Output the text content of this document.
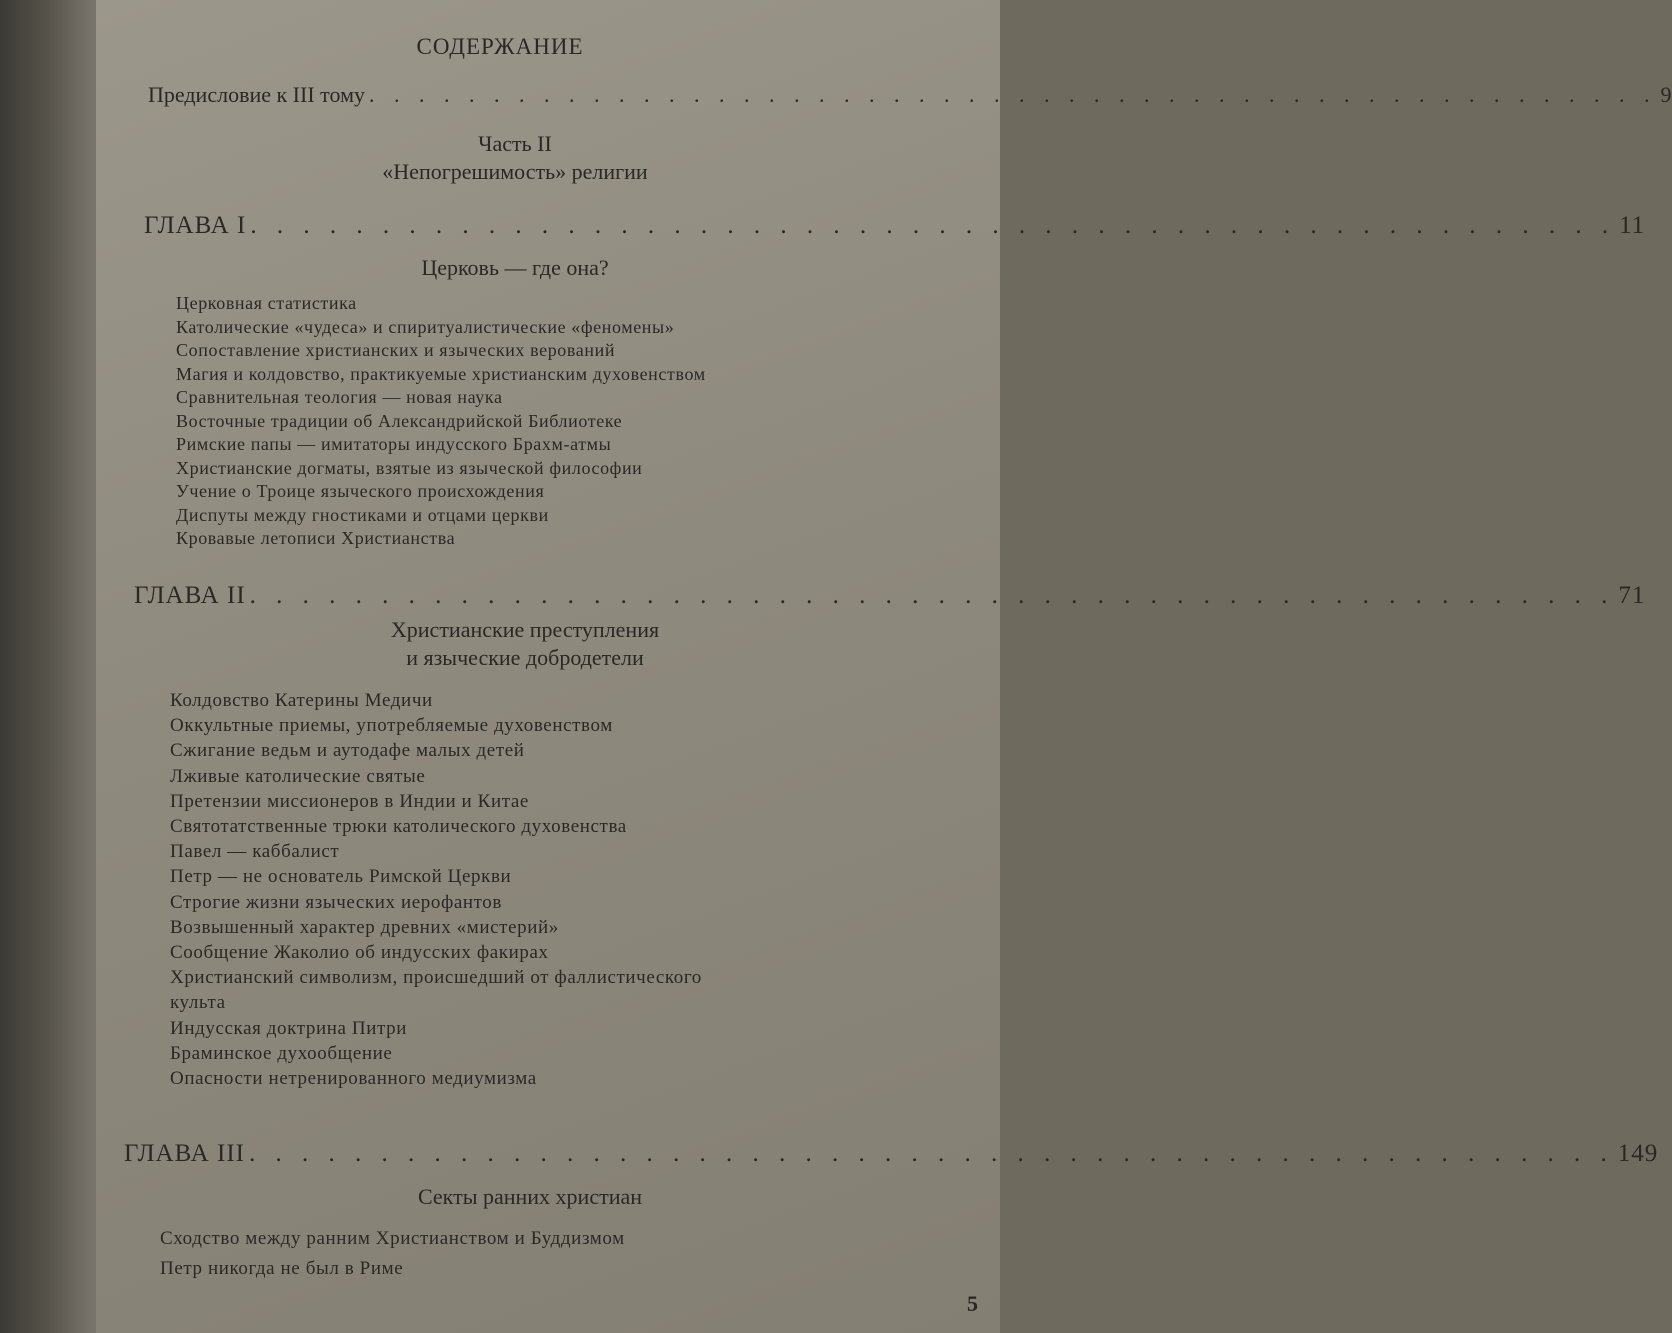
СОДЕРЖАНИЕ
Предисловие к III тому . . . . . . . . . . . . . . . . . . . . . . . . . . . . . . . . . . . . . . . . . . . . . . . . . . . . 9
Часть II
«Непогрешимость» религии
ГЛАВА I . . . . . . . . . . . . . . . . . . . . . . . . . . . . . . . . . . . . . . . . . . . . . . . . . . . . 11
Церковь — где она?
Церковная статистика
Католические «чудеса» и спиритуалистические «феномены»
Сопоставление христианских и языческих верований
Магия и колдовство, практикуемые христианским духовенством
Сравнительная теология — новая наука
Восточные традиции об Александрийской Библиотеке
Римские папы — имитаторы индусского Брахм-атмы
Христианские догматы, взятые из языческой философии
Учение о Троице языческого происхождения
Диспуты между гностиками и отцами церкви
Кровавые летописи Христианства
ГЛАВА II . . . . . . . . . . . . . . . . . . . . . . . . . . . . . . . . . . . . . . . . . . . . . . . . . . . . 71
Христианские преступления
и языческие добродетели
Колдовство Катерины Медичи
Оккультные приемы, употребляемые духовенством
Сжигание ведьм и аутодафе малых детей
Лживые католические святые
Претензии миссионеров в Индии и Китае
Святотатственные трюки католического духовенства
Павел — каббалист
Петр — не основатель Римской Церкви
Строгие жизни языческих иерофантов
Возвышенный характер древних «мистерий»
Сообщение Жаколио об индусских факирах
Христианский символизм, происшедший от фаллистического
культа
Индусская доктрина Питри
Браминское духообщение
Опасности нетренированного медиумизма
ГЛАВА III . . . . . . . . . . . . . . . . . . . . . . . . . . . . . . . . . . . . . . . . . . . . . . . . . . . . 149
Секты ранних христиан
Сходство между ранним Христианством и Буддизмом
Петр никогда не был в Риме
5
